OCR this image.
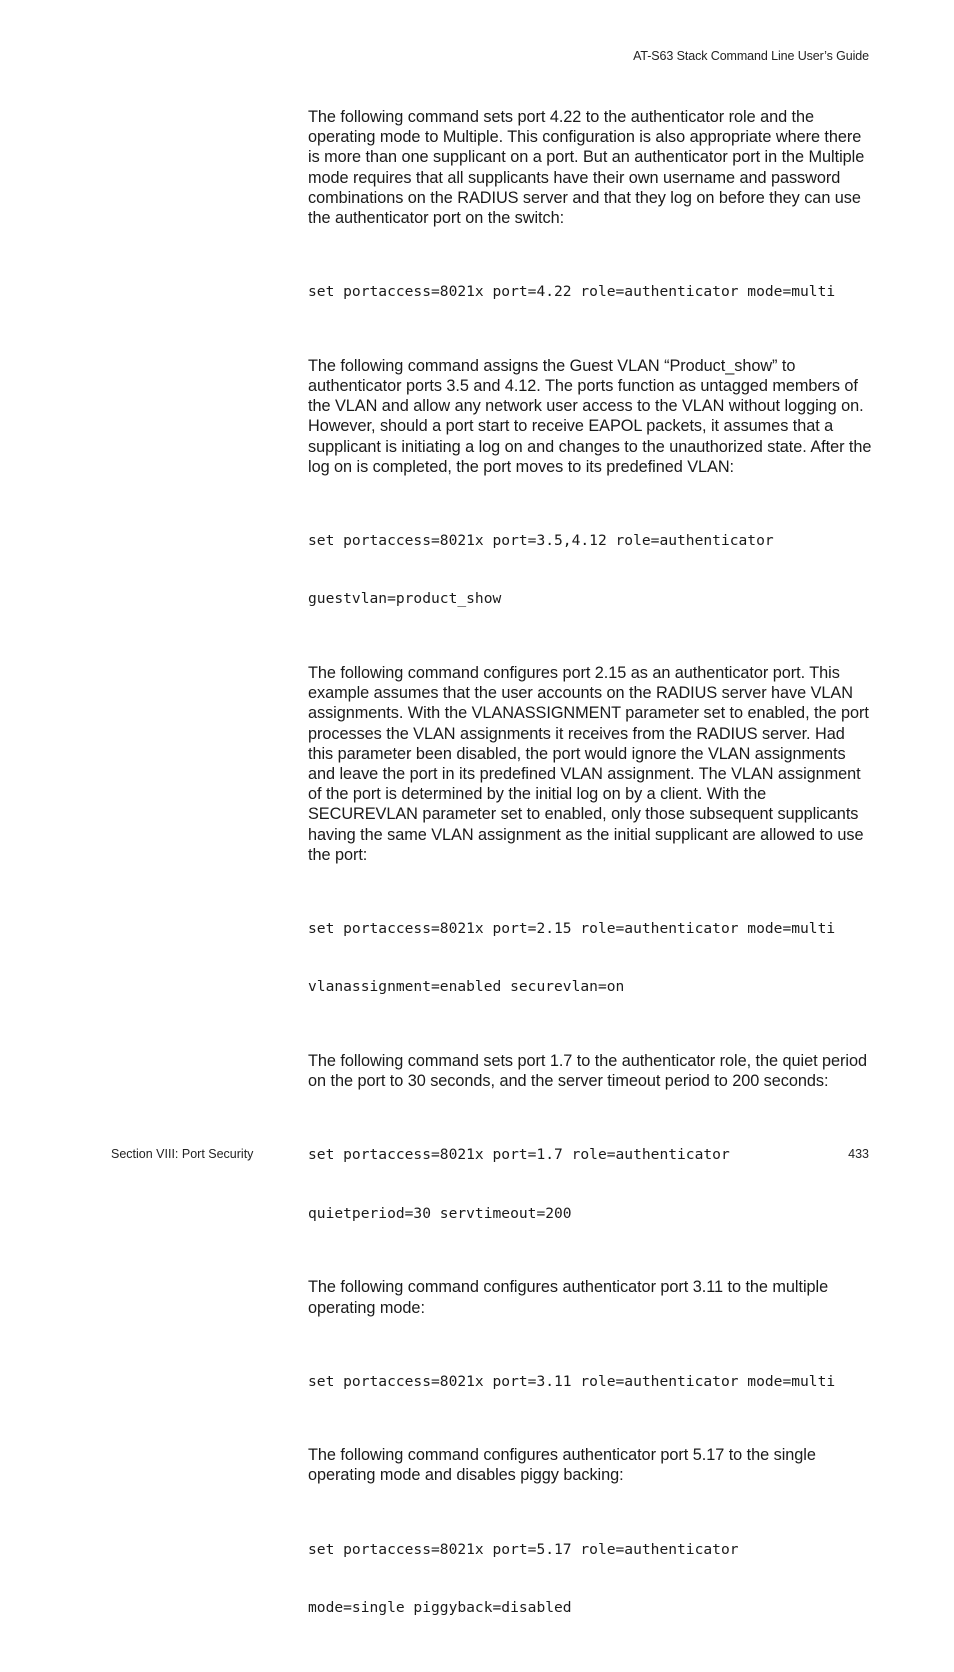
AT-S63 Stack Command Line User’s Guide

The following command sets port 4.22 to the authenticator role and the operating mode to Multiple. This configuration is also appropriate where there is more than one supplicant on a port. But an authenticator port in the Multiple mode requires that all supplicants have their own username and password combinations on the RADIUS server and that they log on before they can use the authenticator port on the switch:

set portaccess=8021x port=4.22 role=authenticator mode=multi

The following command assigns the Guest VLAN “Product_show” to authenticator ports 3.5 and 4.12. The ports function as untagged members of the VLAN and allow any network user access to the VLAN without logging on. However, should a port start to receive EAPOL packets, it assumes that a supplicant is initiating a log on and changes to the unauthorized state. After the log on is completed, the port moves to its predefined VLAN:

set portaccess=8021x port=3.5,4.12 role=authenticator

guestvlan=product_show

The following command configures port 2.15 as an authenticator port. This example assumes that the user accounts on the RADIUS server have VLAN assignments. With the VLANASSIGNMENT parameter set to enabled, the port processes the VLAN assignments it receives from the RADIUS server. Had this parameter been disabled, the port would ignore the VLAN assignments and leave the port in its predefined VLAN assignment. The VLAN assignment of the port is determined by the initial log on by a client. With the SECUREVLAN parameter set to enabled, only those subsequent supplicants having the same VLAN assignment as the initial supplicant are allowed to use the port:

set portaccess=8021x port=2.15 role=authenticator mode=multi

vlanassignment=enabled securevlan=on

The following command sets port 1.7 to the authenticator role, the quiet period on the port to 30 seconds, and the server timeout period to 200 seconds:

set portaccess=8021x port=1.7 role=authenticator

quietperiod=30 servtimeout=200

The following command configures authenticator port 3.11 to the multiple operating mode:

set portaccess=8021x port=3.11 role=authenticator mode=multi

The following command configures authenticator port 5.17 to the single operating mode and disables piggy backing:

set portaccess=8021x port=5.17 role=authenticator

mode=single piggyback=disabled

Section VIII: Port Security	433
